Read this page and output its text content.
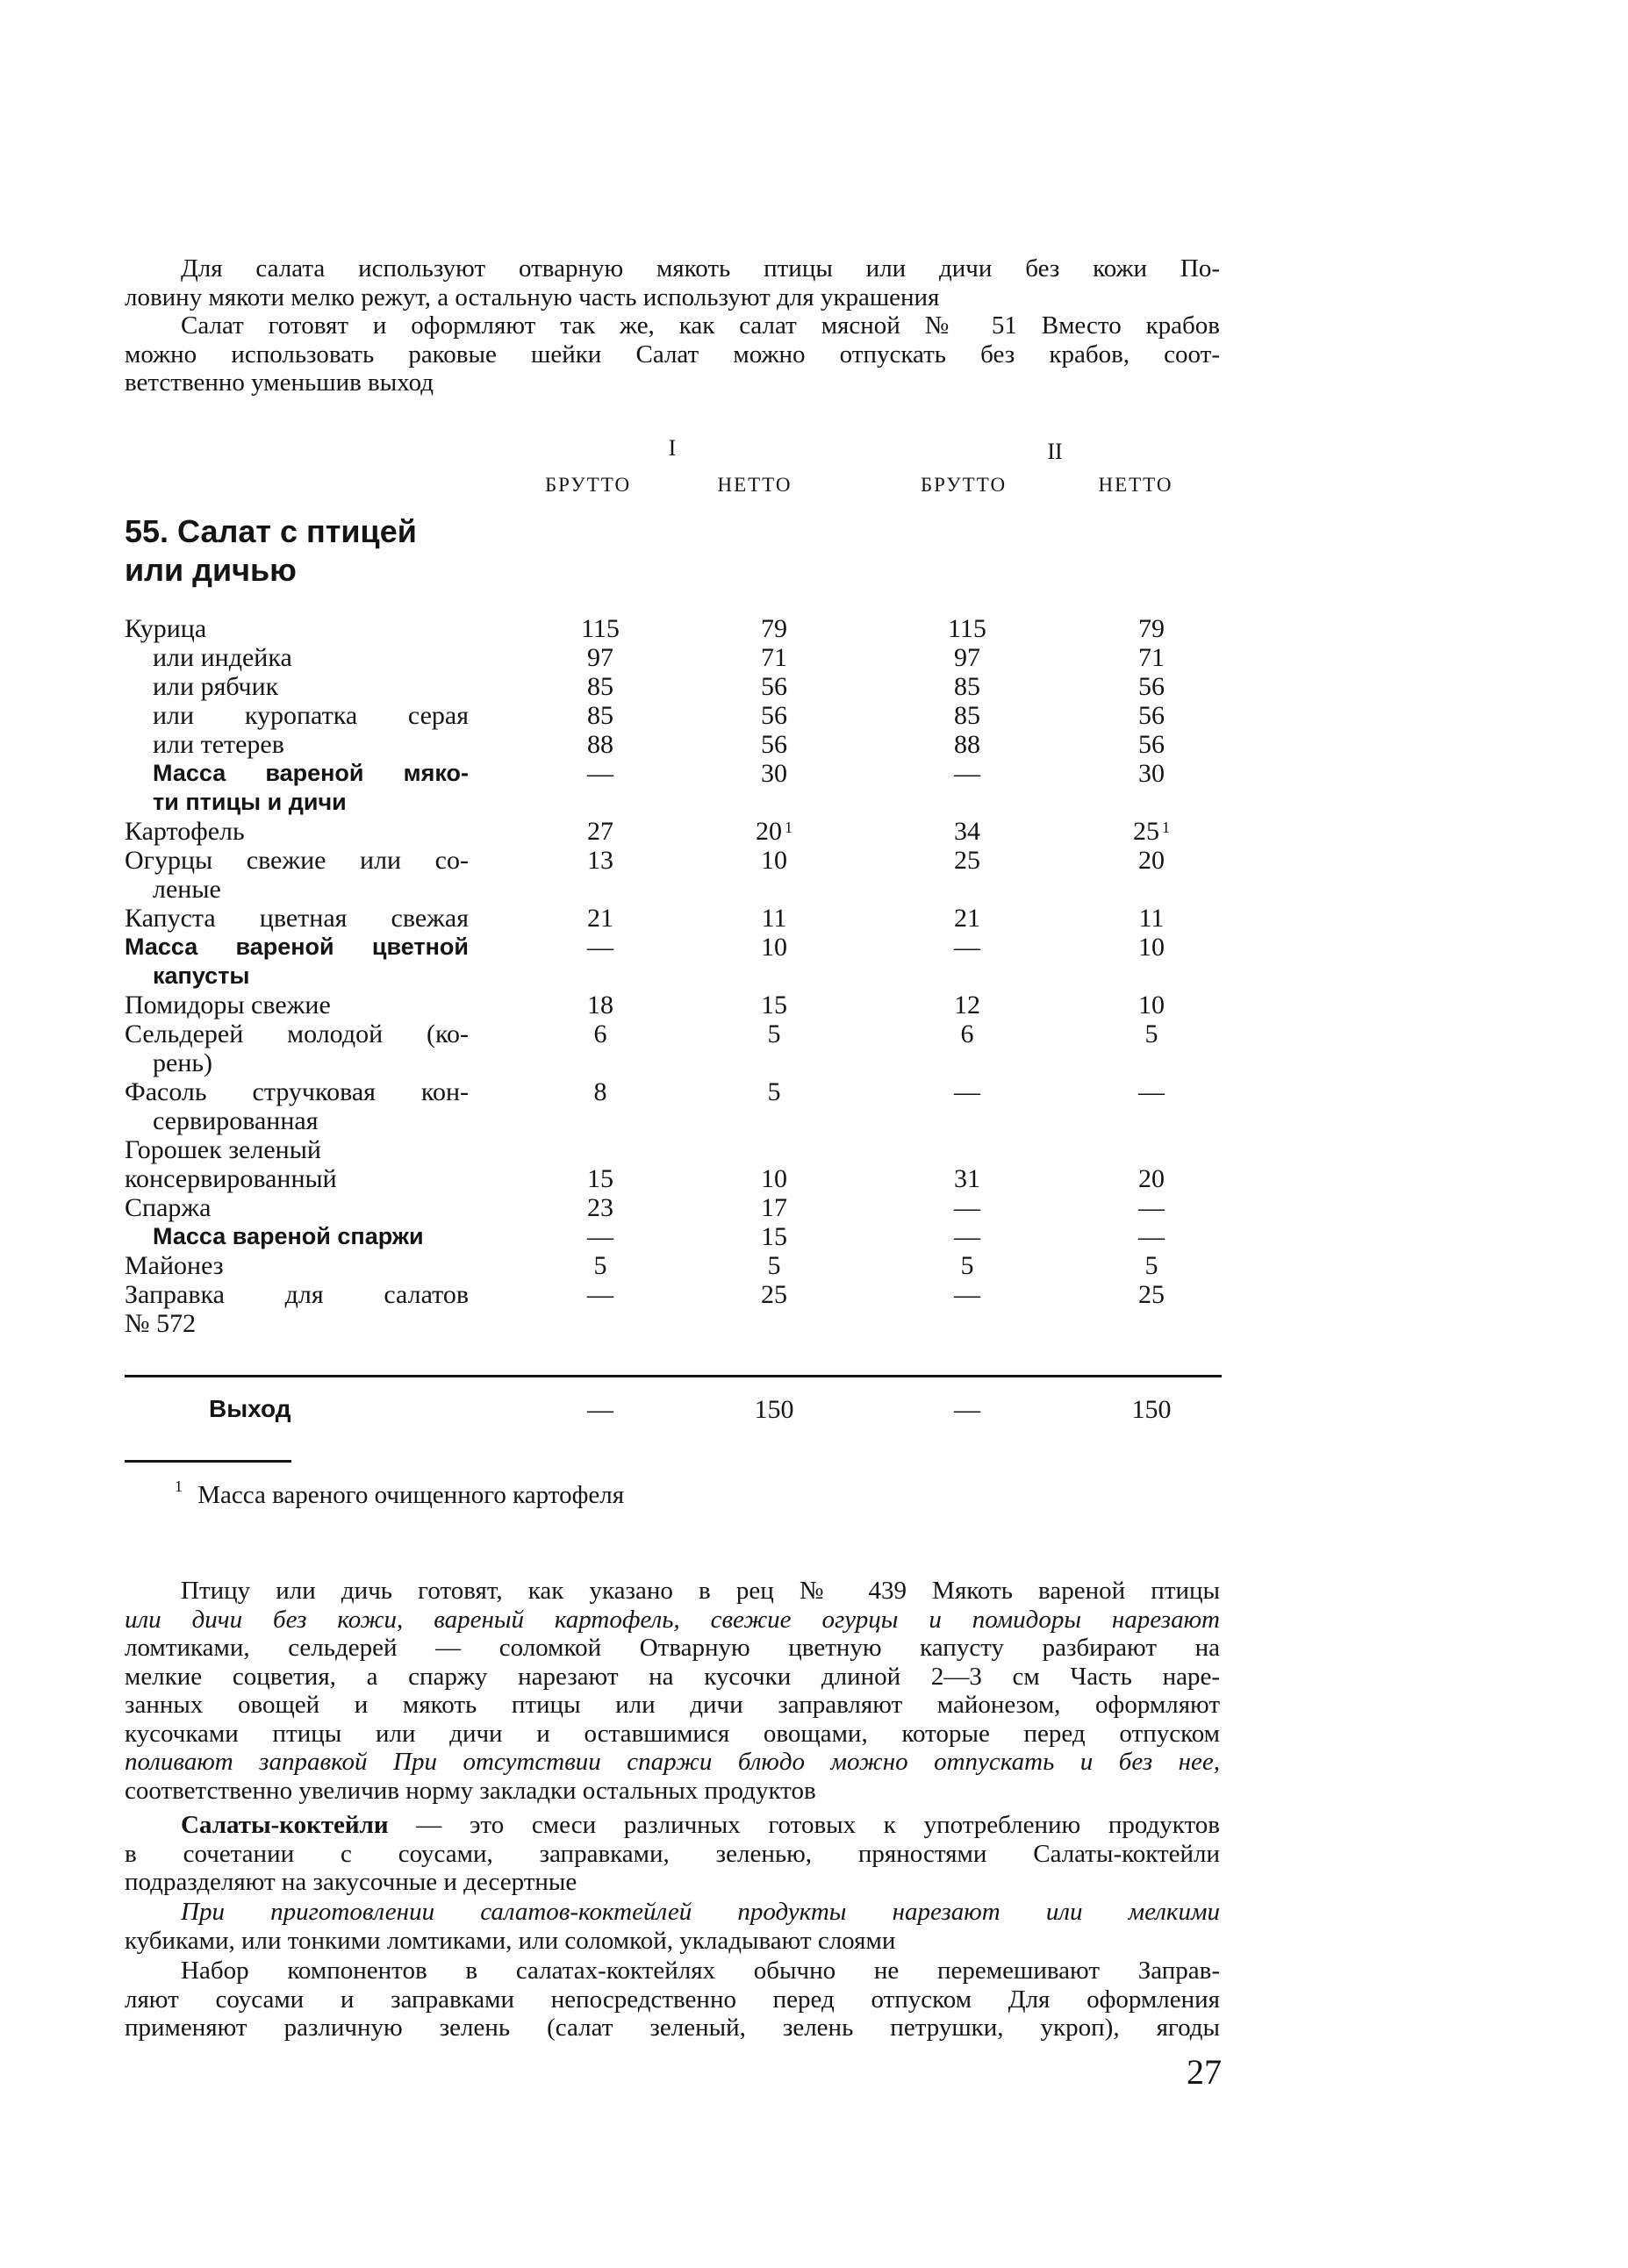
Для салата используют отварную мякоть птицы или дичи без кожи По-
ловину мякоти мелко режут, а остальную часть используют для украшения
Салат готовят и оформляют так же, как салат мясной № 51 Вместо крабов
можно использовать раковые шейки Салат можно отпускать без крабов, соот-
ветственно уменьшив выход
I	II
БРУТТО	НЕТТО	БРУТТО	НЕТТО
55. Салат с птицей
или дичью
Курица	115	79	115	79
или индейка	97	71	97	71
или рябчик	85	56	85	56
или куропатка серая	85	56	85	56
или тетерев	88	56	88	56
Масса вареной мяко-	—	30	—	30
ти птицы и дичи
Картофель	27	20 $^1$	34	25 $^1$
Огурцы свежие или со-	13	10	25	20
леные
Капуста цветная свежая	21	11	21	11
Масса вареной цветной	—	10	—	10
капусты
Помидоры свежие	18	15	12	10
Сельдерей молодой (ко-	6	5	6	5
рень)
Фасоль стручковая кон-	8	5	—	—
сервированная
Горошек зеленый
консервированный	15	10	31	20
Спаржа	23	17	—	—
Масса вареной спаржи	—	15	—	—
Майонез	5	5	5	5
Заправка для салатов	—	25	—	25
№ 572
Выход	—	150	—	150
$^1$ Масса вареного очищенного картофеля
Птицу или дичь готовят, как указано в рец № 439 Мякоть вареной птицы
или дичи без кожи, вареный картофель, свежие огурцы и помидоры нарезают
ломтиками, сельдерей — соломкой Отварную цветную капусту разбирают на
мелкие соцветия, а спаржу нарезают на кусочки длиной 2—3 см Часть наре-
занных овощей и мякоть птицы или дичи заправляют майонезом, оформляют
кусочками птицы или дичи и оставшимися овощами, которые перед отпуском
поливают заправкой При отсутствии спаржи блюдо можно отпускать и без нее,
соответственно увеличив норму закладки остальных продуктов
Салаты-коктейли — это смеси различных готовых к употреблению продуктов
в сочетании с соусами, заправками, зеленью, пряностями Салаты-коктейли
подразделяют на закусочные и десертные
При приготовлении салатов-коктейлей продукты нарезают или мелкими
кубиками, или тонкими ломтиками, или соломкой, укладывают слоями
Набор компонентов в салатах-коктейлях обычно не перемешивают Заправ-
ляют соусами и заправками непосредственно перед отпуском Для оформления
применяют различную зелень (салат зеленый, зелень петрушки, укроп), ягоды
27
